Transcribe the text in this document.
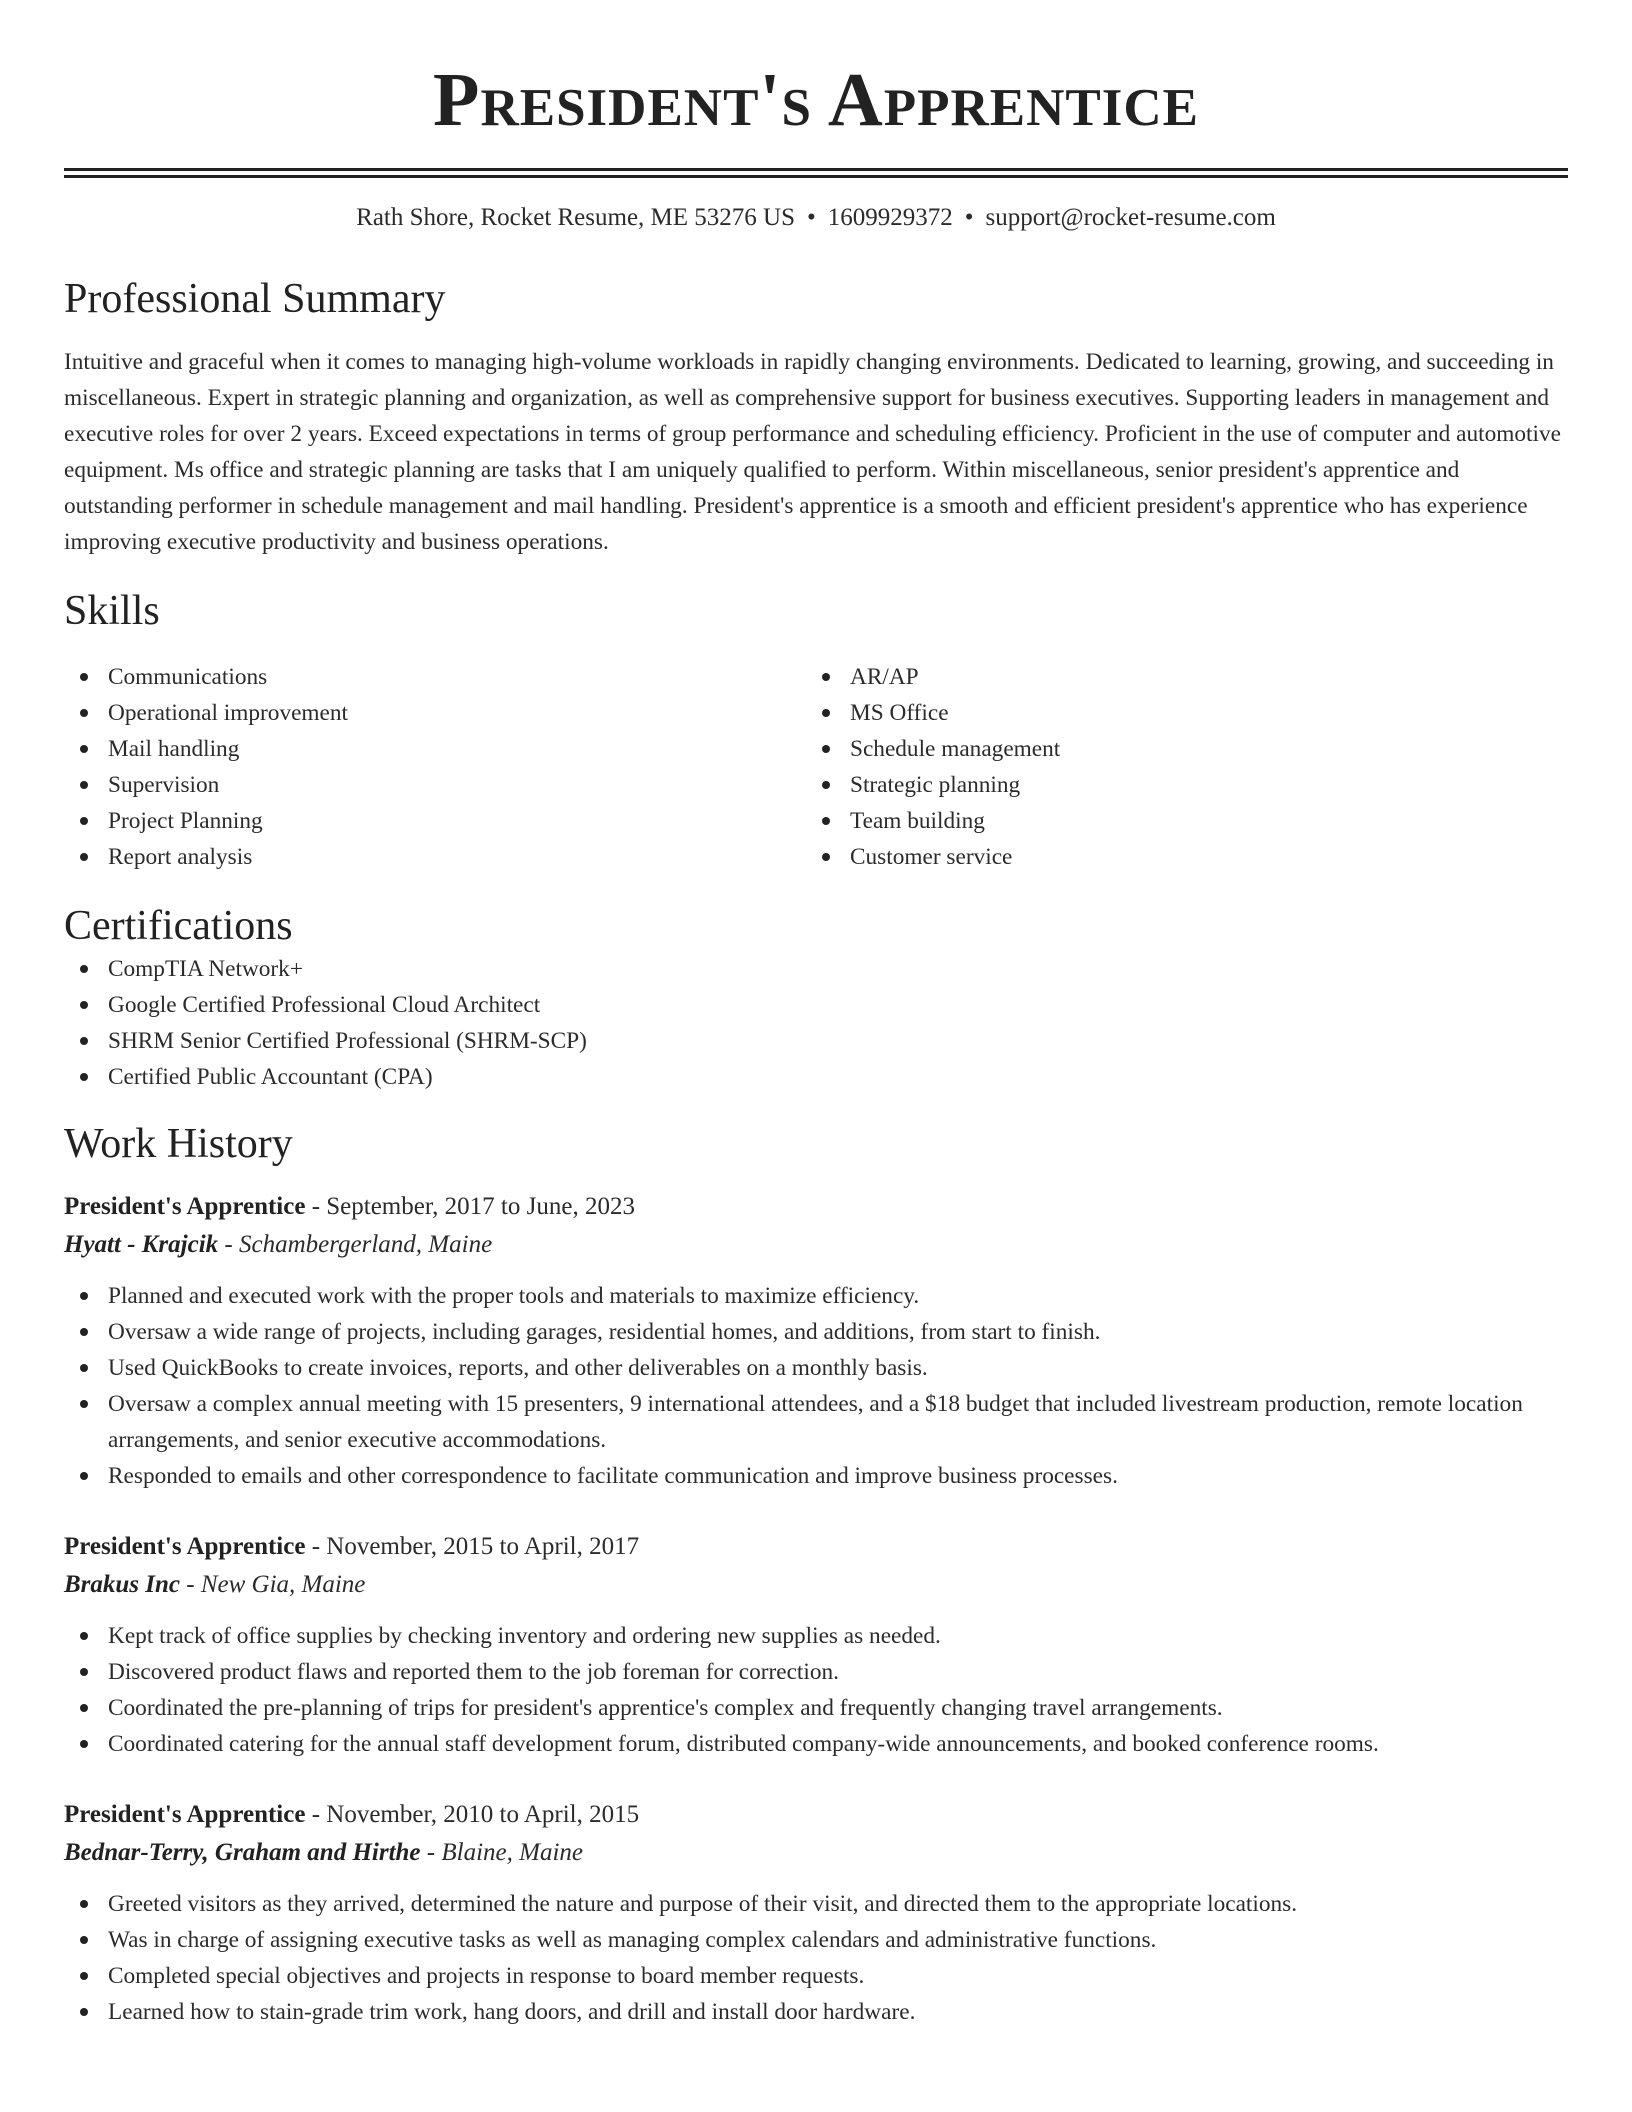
President's Apprentice
Rath Shore, Rocket Resume, ME 53276 US • 1609929372 • support@rocket-resume.com
Professional Summary
Intuitive and graceful when it comes to managing high-volume workloads in rapidly changing environments. Dedicated to learning, growing, and succeeding in miscellaneous. Expert in strategic planning and organization, as well as comprehensive support for business executives. Supporting leaders in management and executive roles for over 2 years. Exceed expectations in terms of group performance and scheduling efficiency. Proficient in the use of computer and automotive equipment. Ms office and strategic planning are tasks that I am uniquely qualified to perform. Within miscellaneous, senior president's apprentice and outstanding performer in schedule management and mail handling. President's apprentice is a smooth and efficient president's apprentice who has experience improving executive productivity and business operations.
Skills
Communications
Operational improvement
Mail handling
Supervision
Project Planning
Report analysis
AR/AP
MS Office
Schedule management
Strategic planning
Team building
Customer service
Certifications
CompTIA Network+
Google Certified Professional Cloud Architect
SHRM Senior Certified Professional (SHRM-SCP)
Certified Public Accountant (CPA)
Work History
President's Apprentice - September, 2017 to June, 2023
Hyatt - Krajcik - Schambergerland, Maine
Planned and executed work with the proper tools and materials to maximize efficiency.
Oversaw a wide range of projects, including garages, residential homes, and additions, from start to finish.
Used QuickBooks to create invoices, reports, and other deliverables on a monthly basis.
Oversaw a complex annual meeting with 15 presenters, 9 international attendees, and a $18 budget that included livestream production, remote location arrangements, and senior executive accommodations.
Responded to emails and other correspondence to facilitate communication and improve business processes.
President's Apprentice - November, 2015 to April, 2017
Brakus Inc - New Gia, Maine
Kept track of office supplies by checking inventory and ordering new supplies as needed.
Discovered product flaws and reported them to the job foreman for correction.
Coordinated the pre-planning of trips for president's apprentice's complex and frequently changing travel arrangements.
Coordinated catering for the annual staff development forum, distributed company-wide announcements, and booked conference rooms.
President's Apprentice - November, 2010 to April, 2015
Bednar-Terry, Graham and Hirthe - Blaine, Maine
Greeted visitors as they arrived, determined the nature and purpose of their visit, and directed them to the appropriate locations.
Was in charge of assigning executive tasks as well as managing complex calendars and administrative functions.
Completed special objectives and projects in response to board member requests.
Learned how to stain-grade trim work, hang doors, and drill and install door hardware.
